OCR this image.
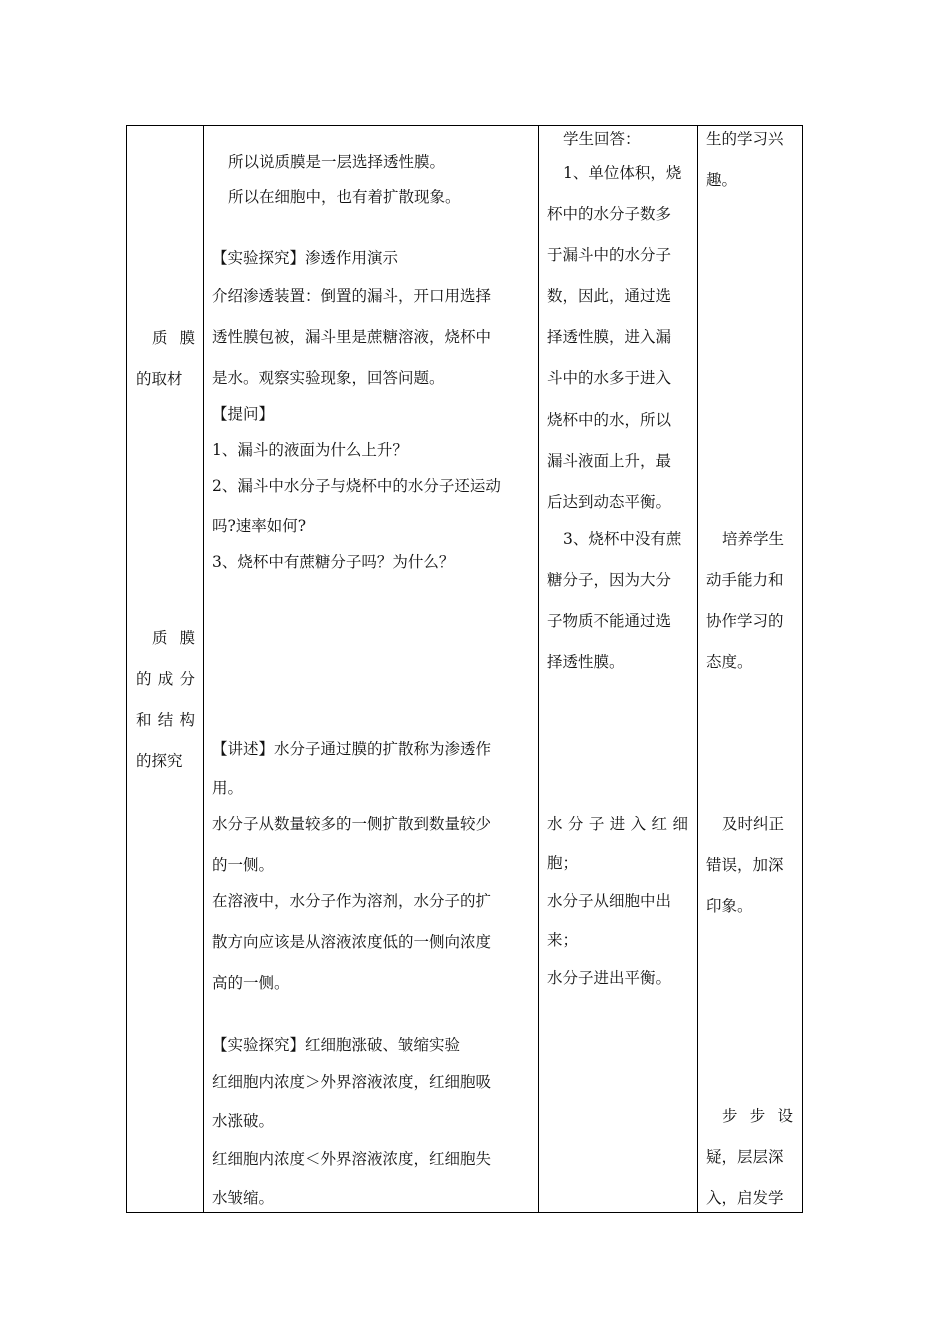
质 膜
的取材
质 膜
的 成 分
和 结 构
的探究
所以说质膜是一层选择透性膜。
所以在细胞中，也有着扩散现象。
【实验探究】渗透作用演示
介绍渗透装置：倒置的漏斗，开口用选择
透性膜包被，漏斗里是蔗糖溶液，烧杯中
是水。观察实验现象，回答问题。
【提问】
1、漏斗的液面为什么上升？
2、漏斗中水分子与烧杯中的水分子还运动
吗?速率如何?
3、烧杯中有蔗糖分子吗？为什么？
【讲述】水分子通过膜的扩散称为渗透作
用。
水分子从数量较多的一侧扩散到数量较少
的一侧。
在溶液中，水分子作为溶剂，水分子的扩
散方向应该是从溶液浓度低的一侧向浓度
高的一侧。
【实验探究】红细胞涨破、皱缩实验
红细胞内浓度＞外界溶液浓度，红细胞吸
水涨破。
红细胞内浓度＜外界溶液浓度，红细胞失
水皱缩。
学生回答：
1、单位体积，烧
杯中的水分子数多
于漏斗中的水分子
数，因此，通过选
择透性膜，进入漏
斗中的水多于进入
烧杯中的水，所以
漏斗液面上升，最
后达到动态平衡。
3、烧杯中没有蔗
糖分子，因为大分
子物质不能通过选
择透性膜。
水 分 子 进 入 红 细
胞；
水分子从细胞中出
来；
水分子进出平衡。
生的学习兴
趣。
培养学生
动手能力和
协作学习的
态度。
及时纠正
错误，加深
印象。
步 步 设
疑，层层深
入，启发学
